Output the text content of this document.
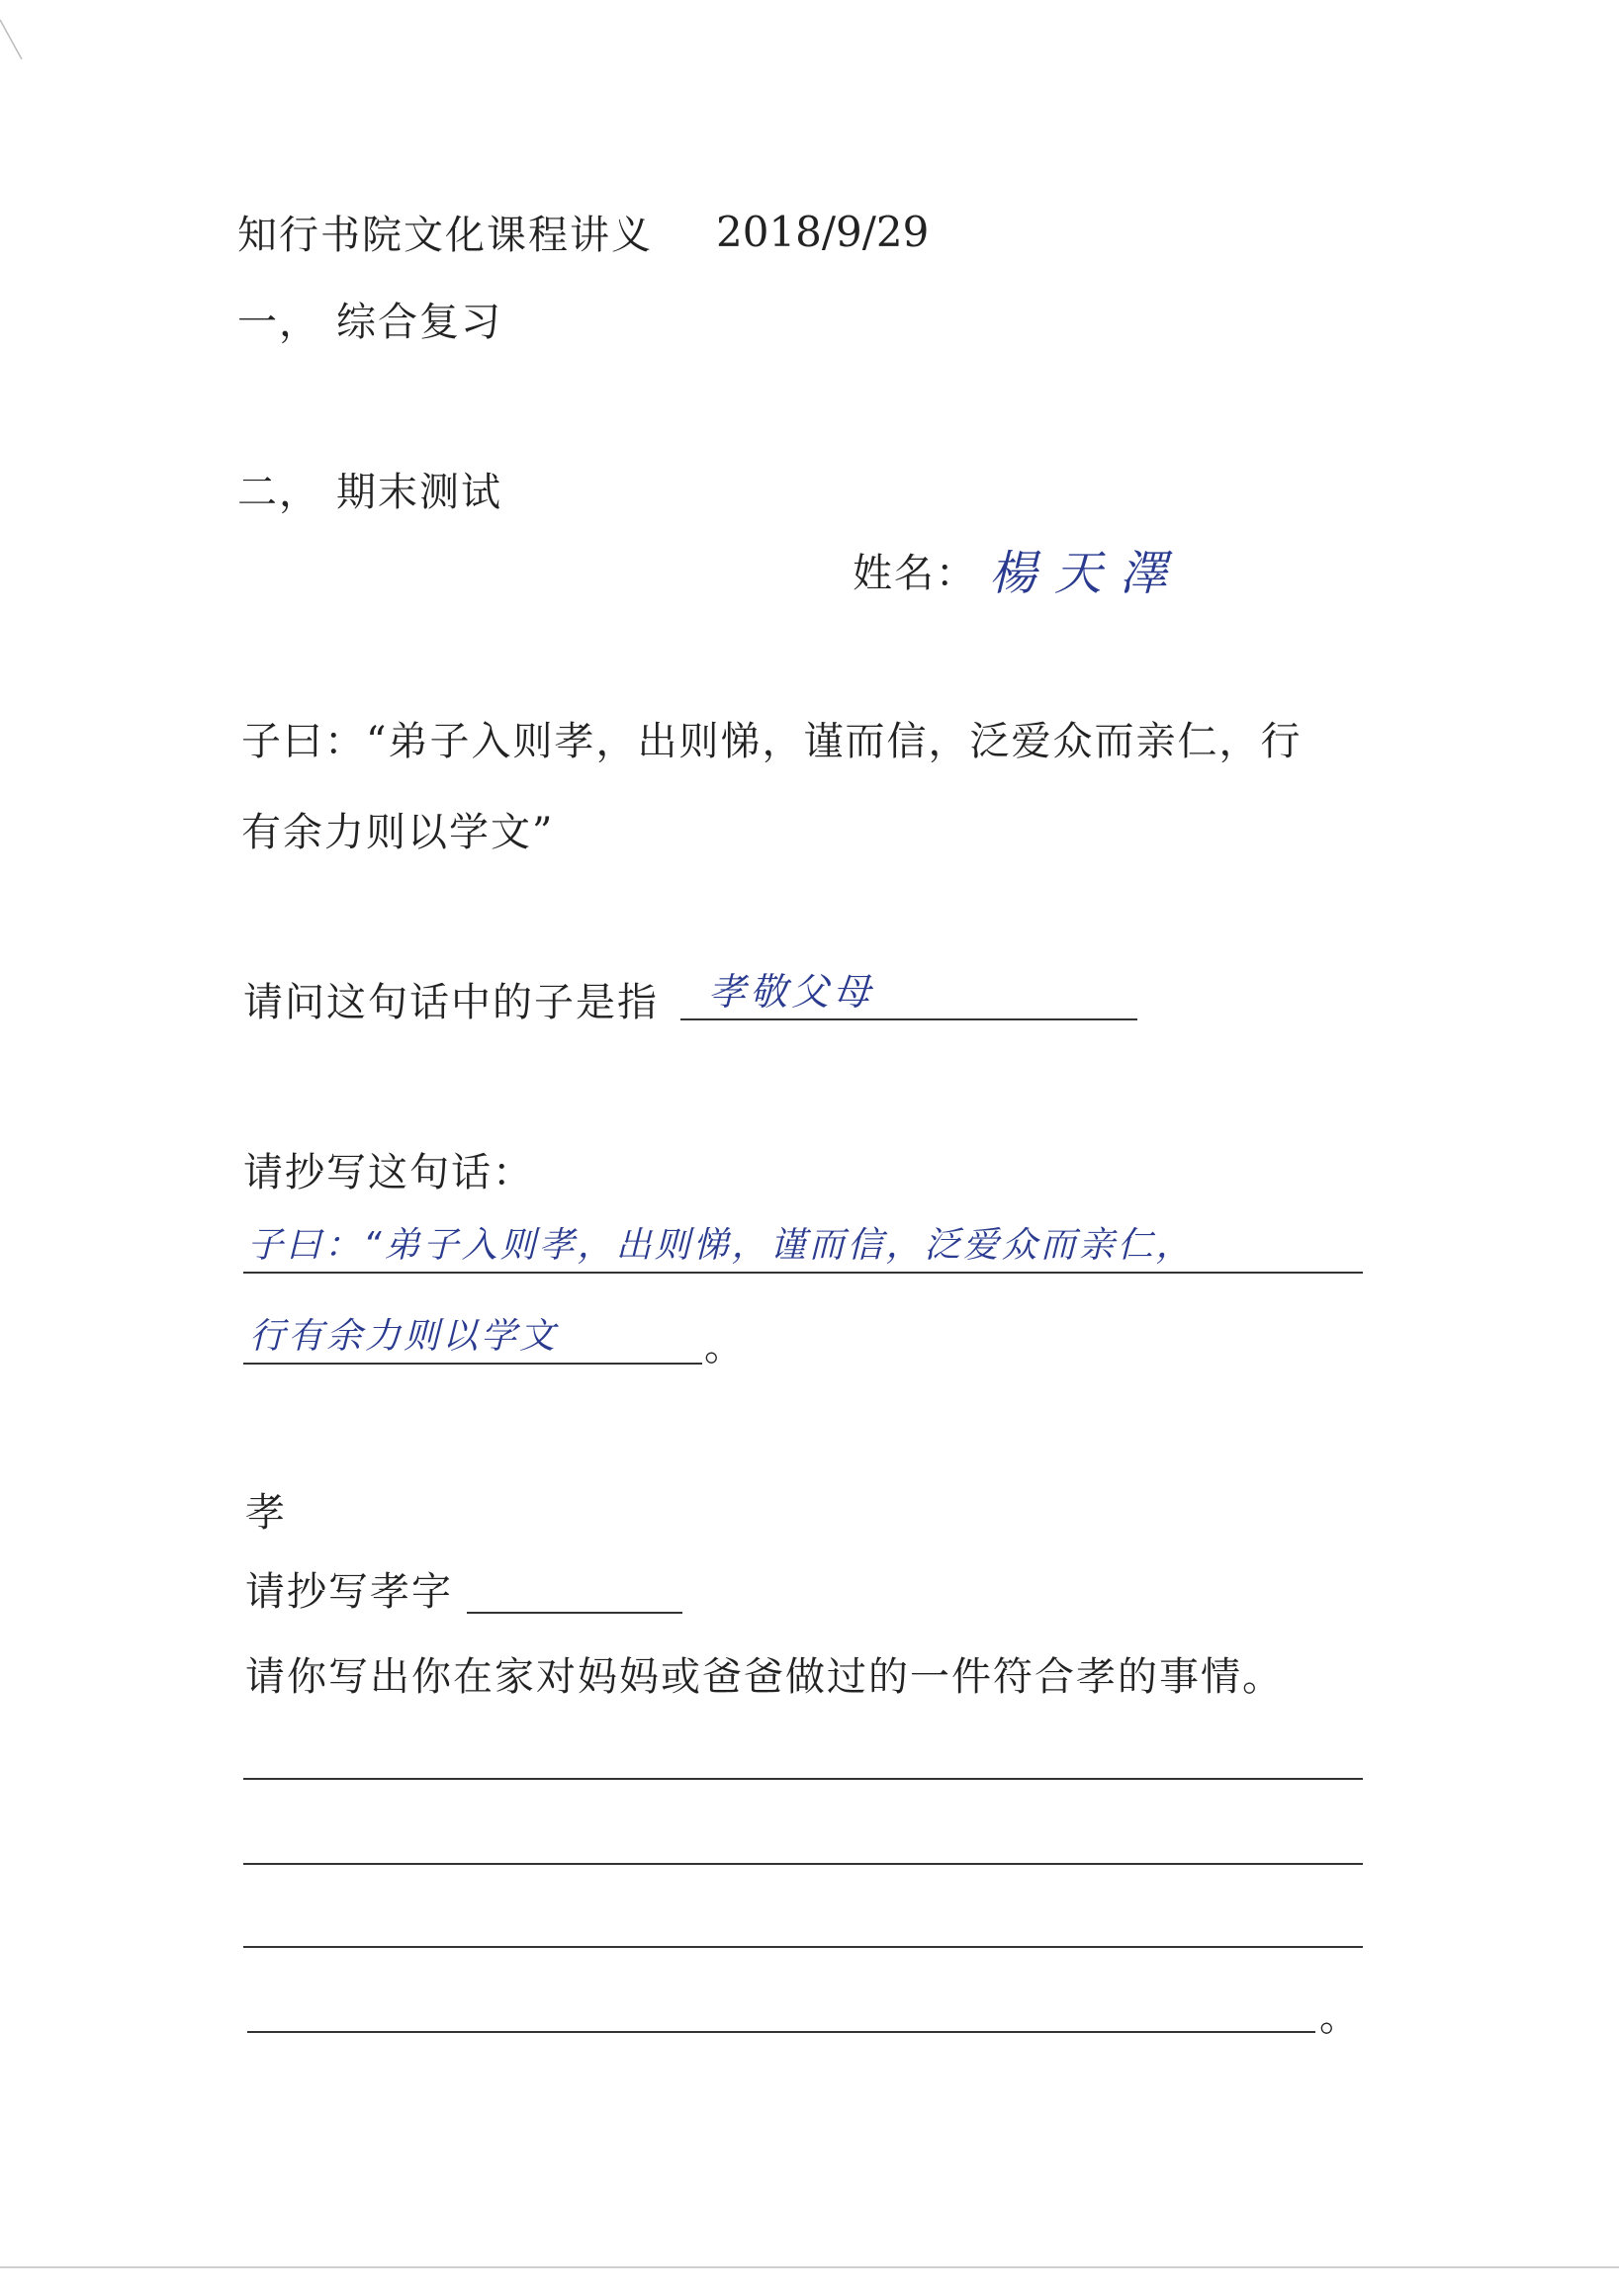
知行书院文化课程讲义 2018/9/29
一， 综合复习
二， 期末测试
姓名： 楊天澤
子曰：“弟子入则孝，出则悌，谨而信，泛爱众而亲仁，行
有余力则以学文”
请问这句话中的子是指 孝敬父母
请抄写这句话：
子曰：“弟子入则孝，出则悌，谨而信，泛爱众而亲仁，
行有余力则以学文	。
孝
请抄写孝字
请你写出你在家对妈妈或爸爸做过的一件符合孝的事情。
。
